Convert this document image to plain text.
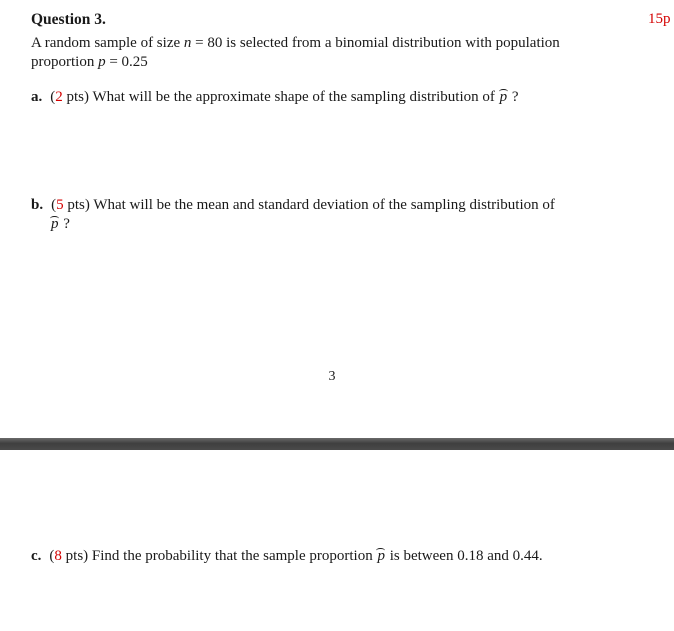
Question 3.	15p
A random sample of size n = 80 is selected from a binomial distribution with population
proportion p = 0.25
a. (2 pts) What will be the approximate shape of the sampling distribution of p ?
b. (5 pts) What will be the mean and standard deviation of the sampling distribution of
p ?
3
c. (8 pts) Find the probability that the sample proportion p is between 0.18 and 0.44.
